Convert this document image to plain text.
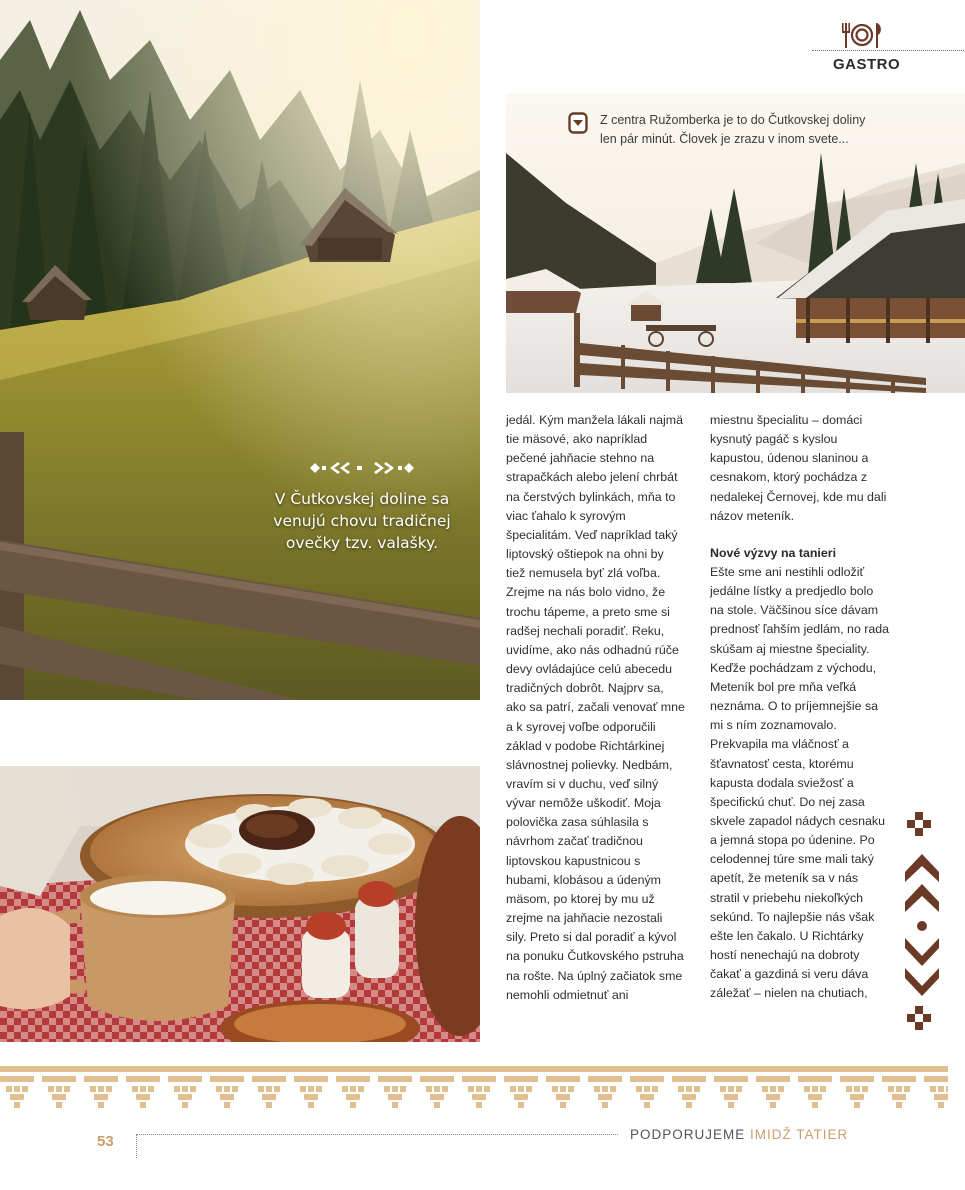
V Čutkovskej doline sa venujú chovu tradičnej ovečky tzv. valašky.
GASTRO
Z centra Ružomberka je to do Čutkovskej doliny len pár minút. Človek je zrazu v inom svete...

jedál. Kým manžela lákali najmä tie mäsové, ako napríklad pečené jahňacie stehno na strapačkách alebo jelení chrbát na čerstvých bylinkách, mňa to viac ťahalo k syrovým špecialitám. Veď napríklad taký liptovský oštiepok na ohni by tiež nemusela byť zlá voľba. Zrejme na nás bolo vidno, že trochu tápeme, a preto sme si radšej nechali poradiť. Reku, uvidíme, ako nás odhadnú rúče devy ovládajúce celú abecedu tradičných dobrôt. Najprv sa, ako sa patrí, začali venovať mne a k syrovej voľbe odporučili základ v podobe Richtárkinej slávnostnej polievky. Nedbám, vravím si v duchu, veď silný vývar nemôže uškodiť. Moja polovička zasa súhlasila s návrhom začať tradičnou liptovskou kapustnicou s hubami, klobásou a údeným mäsom, po ktorej by mu už zrejme na jahňacie nezostali sily. Preto si dal poradiť a kývol na ponuku Čutkovského pstruha na rošte. Na úplný začiatok sme nemohli odmietnuť ani

miestnu špecialitu – domáci kysnutý pagáč s kyslou kapustou, údenou slaninou a cesnakom, ktorý pochádza z nedalekej Černovej, kde mu dali názov meteník.

Nové výzvy na tanieri

Ešte sme ani nestihli odložiť jedálne lístky a predjedlo bolo na stole. Väčšinou síce dávam prednosť ľahším jedlám, no rada skúšam aj miestne špeciality. Keďže pochádzam z východu, Meteník bol pre mňa veľká neznáma. O to príjemnejšie sa mi s ním zoznamovalo. Prekvapila ma vláčnosť a šťavnatosť cesta, ktorému kapusta dodala sviežosť a špecifickú chuť. Do nej zasa skvele zapadol nádych cesnaku a jemná stopa po údenine. Po celodennej túre sme mali taký apetít, že meteník sa v nás stratil v priebehu niekoľkých sekúnd. To najlepšie nás však ešte len čakalo. U Richtárky hostí nenechajú na dobroty čakať a gazdiná si veru dáva záležať – nielen na chutiach,

53	PODPORUJEME IMIDŽ TATIER
